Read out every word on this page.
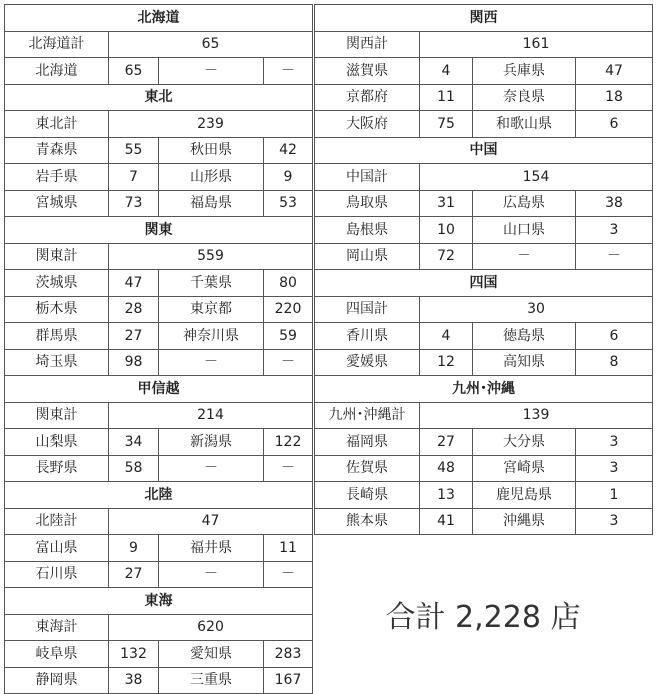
北海道			
北海道計	65		
北海道	65	－	－
東北			
東北計	239		
青森県	55	秋田県	42
岩手県	7	山形県	9
宮城県	73	福島県	53
関東			
関東計	559		
茨城県	47	千葉県	80
栃木県	28	東京都	220
群馬県	27	神奈川県	59
埼玉県	98	－	－
甲信越			
関東計	214		
山梨県	34	新潟県	122
長野県	58	－	－
北陸			
北陸計	47		
富山県	9	福井県	11
石川県	27	－	－
東海			
東海計	620		
岐阜県	132	愛知県	283
静岡県	38	三重県	167
関西			
関西計	161		
滋賀県	4	兵庫県	47
京都府	11	奈良県	18
大阪府	75	和歌山県	6
中国			
中国計	154		
鳥取県	31	広島県	38
島根県	10	山口県	3
岡山県	72	－	－
四国			
四国計	30		
香川県	4	徳島県	6
愛媛県	12	高知県	8
九州･沖縄			
九州･沖縄計	139		
福岡県	27	大分県	3
佐賀県	48	宮崎県	3
長崎県	13	鹿児島県	1
熊本県	41	沖縄県	3
合計 2,228 店
